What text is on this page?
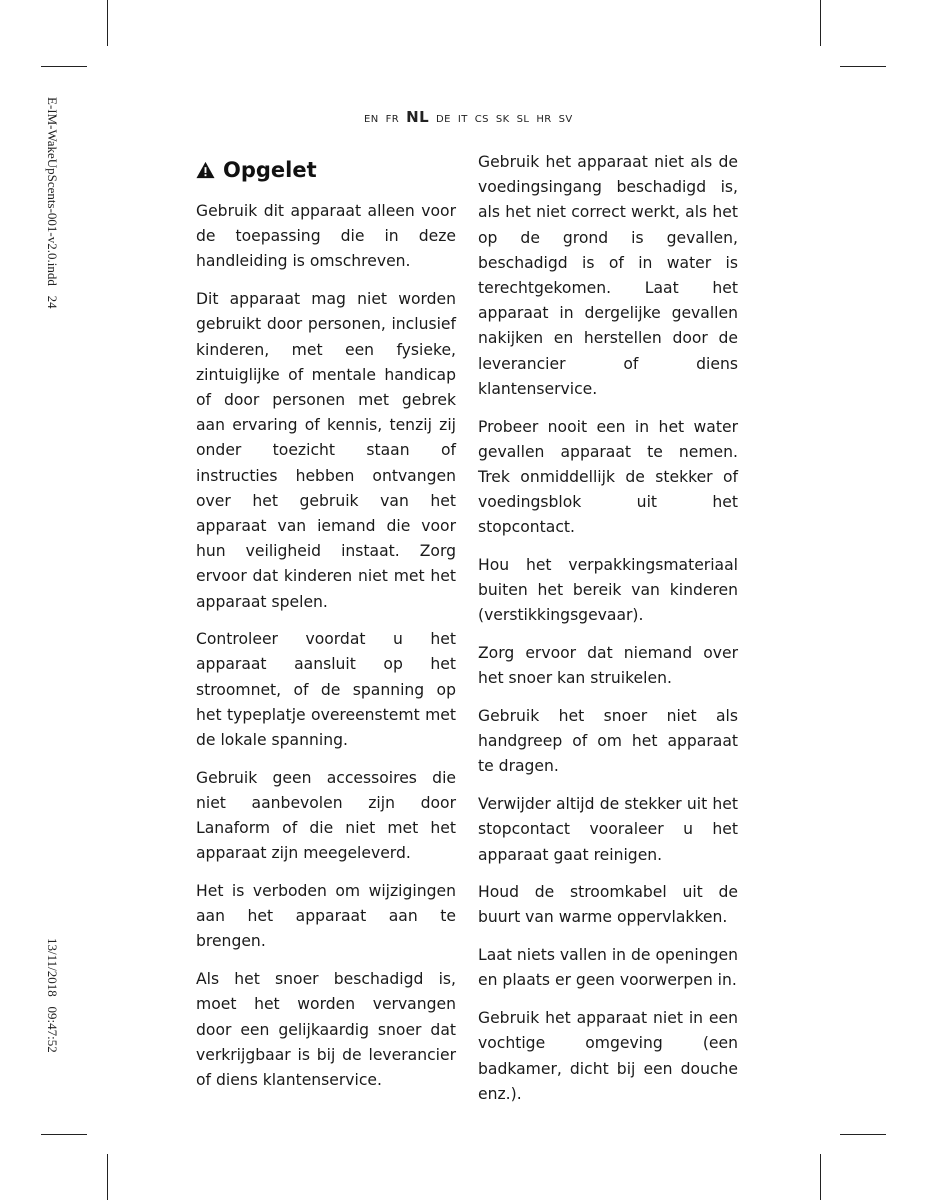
E-IM-WakeUpScents-001-v2.0.indd   24
13/11/2018   09:47:52
EN FR NL DE IT CS SK SL HR SV
Opgelet

Gebruik dit apparaat alleen voor de toepassing die in deze handleiding is omschreven.

Dit apparaat mag niet worden gebruikt door personen, inclusief kinderen, met een fysieke, zintuiglijke of mentale handicap of door personen met gebrek aan ervaring of kennis, tenzij zij onder toezicht staan of instructies hebben ontvangen over het gebruik van het apparaat van iemand die voor hun veiligheid instaat. Zorg ervoor dat kinderen niet met het apparaat spelen.

Controleer voordat u het apparaat aansluit op het stroomnet, of de spanning op het typeplatje overeenstemt met de lokale spanning.

Gebruik geen accessoires die niet aanbevolen zijn door Lanaform of die niet met het apparaat zijn meegeleverd.

Het is verboden om wijzigingen aan het apparaat aan te brengen.

Als het snoer beschadigd is, moet het worden vervangen door een gelijkaardig snoer dat verkrijgbaar is bij de leverancier of diens klantenservice.

Gebruik het apparaat niet als de voedingsingang beschadigd is, als het niet correct werkt, als het op de grond is gevallen, beschadigd is of in water is terechtgekomen. Laat het apparaat in dergelijke gevallen nakijken en herstellen door de leverancier of diens klantenservice.

Probeer nooit een in het water gevallen apparaat te nemen. Trek onmiddellijk de stekker of voedingsblok uit het stopcontact.

Hou het verpakkingsmateriaal buiten het bereik van kinderen (verstikkingsgevaar).

Zorg ervoor dat niemand over het snoer kan struikelen.

Gebruik het snoer niet als handgreep of om het apparaat te dragen.

Verwijder altijd de stekker uit het stopcontact vooraleer u het apparaat gaat reinigen.

Houd de stroomkabel uit de buurt van warme oppervlakken.

Laat niets vallen in de openingen en plaats er geen voorwerpen in.

Gebruik het apparaat niet in een vochtige omgeving (een badkamer, dicht bij een douche enz.).
